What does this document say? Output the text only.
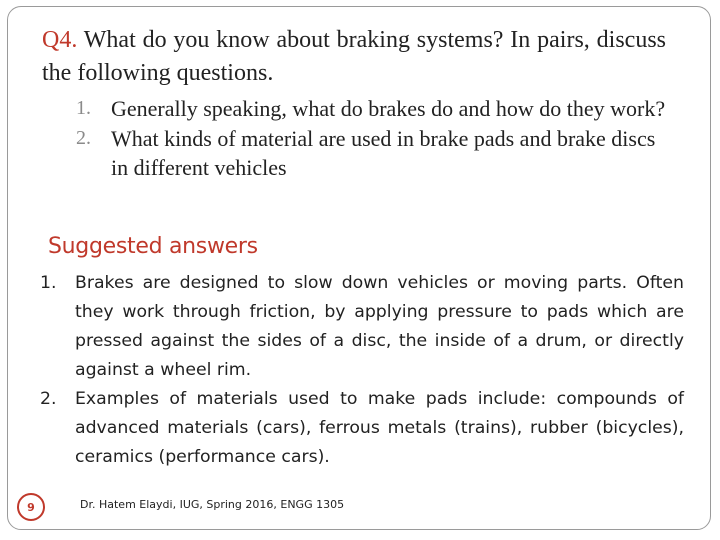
Q4. What do you know about braking systems? In pairs, discuss the following questions.
1. Generally speaking, what do brakes do and how do they work?
2. What kinds of material are used in brake pads and brake discs in different vehicles
Suggested answers
1. Brakes are designed to slow down vehicles or moving parts. Often they work through friction, by applying pressure to pads which are pressed against the sides of a disc, the inside of a drum, or directly against a wheel rim.
2. Examples of materials used to make pads include: compounds of advanced materials (cars), ferrous metals (trains), rubber (bicycles), ceramics (performance cars).
9	Dr. Hatem Elaydi, IUG, Spring 2016, ENGG 1305
